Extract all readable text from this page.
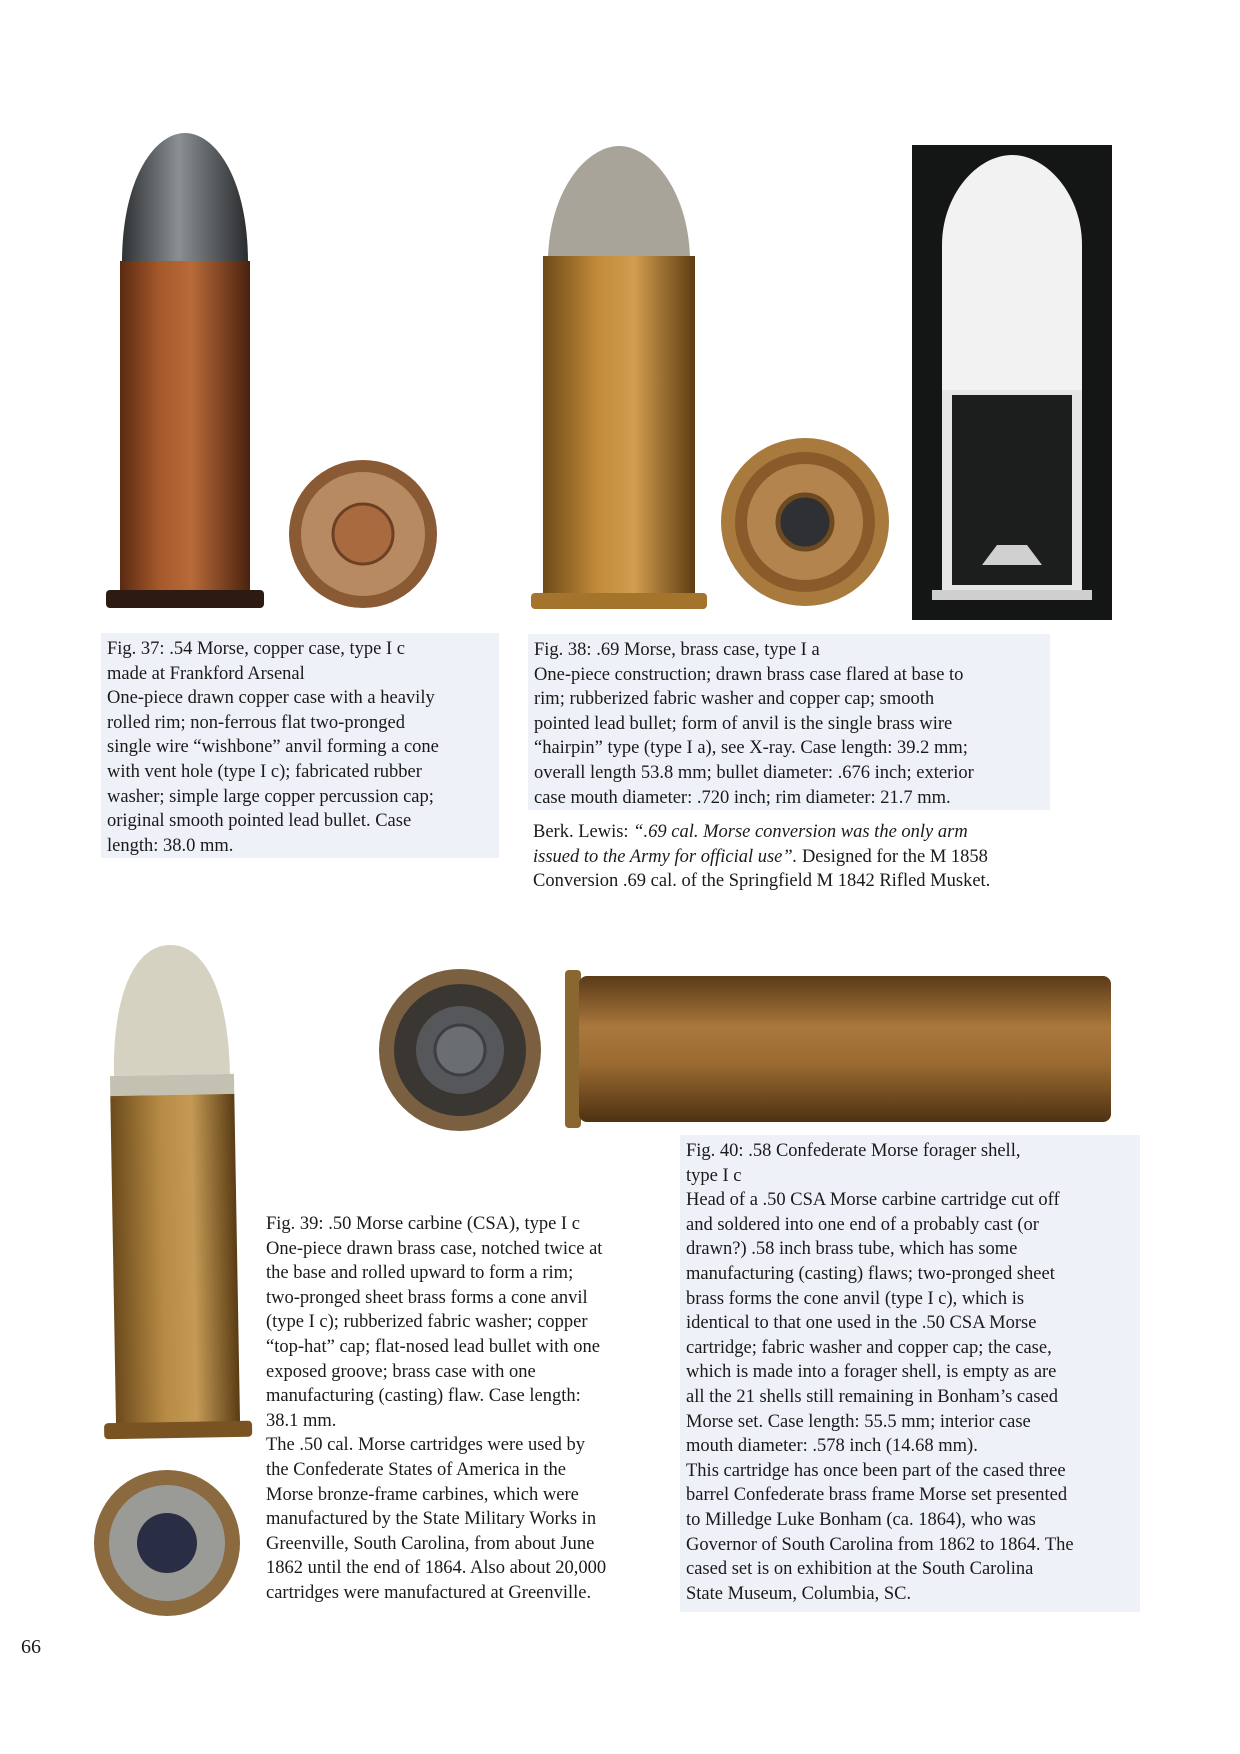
Fig. 37: .54 Morse, copper case, type I c

made at Frankford Arsenal

One-piece drawn copper case with a heavily

rolled rim; non-ferrous flat two-pronged

single wire “wishbone” anvil forming a cone

with vent hole (type I c); fabricated rubber

washer; simple large copper percussion cap;

original smooth pointed lead bullet. Case

length: 38.0 mm.

Fig. 38: .69 Morse, brass case, type I a

One-piece construction; drawn brass case flared at base to

rim; rubberized fabric washer and copper cap; smooth

pointed lead bullet; form of anvil is the single brass wire

“hairpin” type (type I a), see X-ray. Case length: 39.2 mm;

overall length 53.8 mm; bullet diameter: .676 inch; exterior

case mouth diameter: .720 inch; rim diameter: 21.7 mm.

Berk. Lewis: “.69 cal. Morse conversion was the only arm

issued to the Army for official use”. Designed for the M 1858

Conversion .69 cal. of the Springfield M 1842 Rifled Musket.

Fig. 39: .50 Morse carbine (CSA), type I c

One-piece drawn brass case, notched twice at

the base and rolled upward to form a rim;

two-pronged sheet brass forms a cone anvil

(type I c); rubberized fabric washer; copper

“top-hat” cap; flat-nosed lead bullet with one

exposed groove; brass case with one

manufacturing (casting) flaw. Case length:

38.1 mm.

The .50 cal. Morse cartridges were used by

the Confederate States of America in the

Morse bronze-frame carbines, which were

manufactured by the State Military Works in

Greenville, South Carolina, from about June

1862 until the end of 1864. Also about 20,000

cartridges were manufactured at Greenville.

Fig. 40: .58 Confederate Morse forager shell,

type I c

Head of a .50 CSA Morse carbine cartridge cut off

and soldered into one end of a probably cast (or

drawn?) .58 inch brass tube, which has some

manufacturing (casting) flaws; two-pronged sheet

brass forms the cone anvil (type I c), which is

identical to that one used in the .50 CSA Morse

cartridge; fabric washer and copper cap; the case,

which is made into a forager shell, is empty as are

all the 21 shells still remaining in Bonham’s cased

Morse set. Case length: 55.5 mm; interior case

mouth diameter: .578 inch (14.68 mm).

This cartridge has once been part of the cased three

barrel Confederate brass frame Morse set presented

to Milledge Luke Bonham (ca. 1864), who was

Governor of South Carolina from 1862 to 1864. The

cased set is on exhibition at the South Carolina

State Museum, Columbia, SC.

66
